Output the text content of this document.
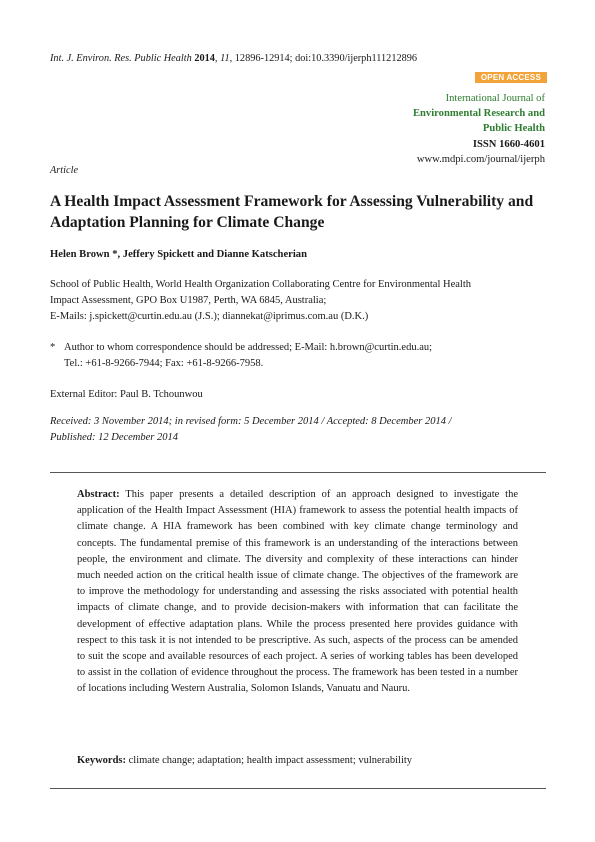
Int. J. Environ. Res. Public Health 2014, 11, 12896-12914; doi:10.3390/ijerph111212896
OPEN ACCESS
International Journal of
Environmental Research and
Public Health
ISSN 1660-4601
www.mdpi.com/journal/ijerph
Article
A Health Impact Assessment Framework for Assessing Vulnerability and Adaptation Planning for Climate Change
Helen Brown *, Jeffery Spickett and Dianne Katscherian
School of Public Health, World Health Organization Collaborating Centre for Environmental Health
Impact Assessment, GPO Box U1987, Perth, WA 6845, Australia;
E-Mails: j.spickett@curtin.edu.au (J.S.); diannekat@iprimus.com.au (D.K.)
* Author to whom correspondence should be addressed; E-Mail: h.brown@curtin.edu.au;
Tel.: +61-8-9266-7944; Fax: +61-8-9266-7958.
External Editor: Paul B. Tchounwou
Received: 3 November 2014; in revised form: 5 December 2014 / Accepted: 8 December 2014 /
Published: 12 December 2014
Abstract: This paper presents a detailed description of an approach designed to investigate the application of the Health Impact Assessment (HIA) framework to assess the potential health impacts of climate change. A HIA framework has been combined with key climate change terminology and concepts. The fundamental premise of this framework is an understanding of the interactions between people, the environment and climate. The diversity and complexity of these interactions can hinder much needed action on the critical health issue of climate change. The objectives of the framework are to improve the methodology for understanding and assessing the risks associated with potential health impacts of climate change, and to provide decision-makers with information that can facilitate the development of effective adaptation plans. While the process presented here provides guidance with respect to this task it is not intended to be prescriptive. As such, aspects of the process can be amended to suit the scope and available resources of each project. A series of working tables has been developed to assist in the collation of evidence throughout the process. The framework has been tested in a number of locations including Western Australia, Solomon Islands, Vanuatu and Nauru.
Keywords: climate change; adaptation; health impact assessment; vulnerability
